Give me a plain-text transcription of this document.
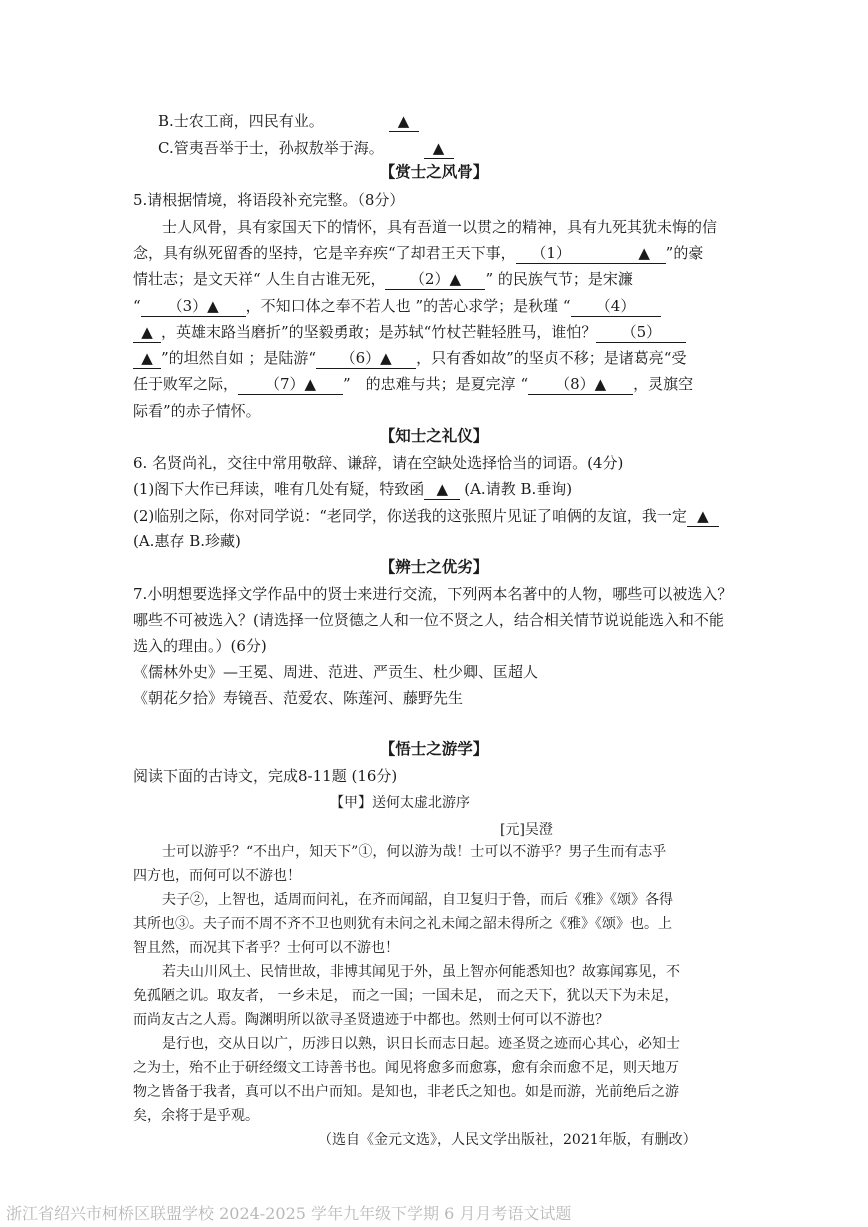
B.士农工商，四民有业。	▲
C.管夷吾举于士，孙叔敖举于海。	▲
【赏士之风骨】
5.请根据情境，将语段补充完整。（8分）
士人风骨，具有家国天下的情怀，具有吾道一以贯之的精神，具有九死其犹未悔的信
念，具有纵死留香的坚持，它是辛弃疾“了却君王天下事， （1）　　　　　▲ ”的豪
情壮志；是文天祥“ 人生自古谁无死， （2）▲ ” 的民族气节；是宋濂
“ （3）▲ ，不知口体之奉不若人也 ”的苦心求学；是秋瑾 “ （4）
▲ ，英雄末路当磨折”的坚毅勇敢；是苏轼“竹杖芒鞋轻胜马，谁怕？ （5）
▲ ”的坦然自如 ；是陆游“ （6）▲ ，只有香如故”的坚贞不移；是诸葛亮“受
任于败军之际， （7）▲ ”　的忠难与共；是夏完淳 “ （8）▲ ，灵旗空
际看”的赤子情怀。
【知士之礼仪】
6. 名贤尚礼，交往中常用敬辞、谦辞，请在空缺处选择恰当的词语。(4分)
(1)阁下大作已拜读，唯有几处有疑，特致函 ▲ (A.请教 B.垂询)
(2)临别之际，你对同学说：“老同学，你送我的这张照片见证了咱俩的友谊，我一定 ▲
(A.惠存 B.珍藏)
【辨士之优劣】
7.小明想要选择文学作品中的贤士来进行交流，下列两本名著中的人物，哪些可以被选入？
哪些不可被选入？(请选择一位贤德之人和一位不贤之人，结合相关情节说说能选入和不能
选入的理由。）(6分)
《儒林外史》—王冕、周进、范进、严贡生、杜少卿、匡超人
《朝花夕拾》寿镜吾、范爱农、陈莲河、藤野先生
【悟士之游学】
阅读下面的古诗文，完成8-11题 (16分)
【甲】送何太虚北游序
[元]吴澄
士可以游乎？“不出户，知天下”①，何以游为哉！士可以不游乎？男子生而有志乎
四方也，而何可以不游也！
夫子②，上智也，适周而问礼，在齐而闻韶，自卫复归于鲁，而后《雅》《颂》各得
其所也③。夫子而不周不齐不卫也则犹有未问之礼未闻之韶未得所之《雅》《颂》也。上
智且然，而况其下者乎？士何可以不游也！
若夫山川风土、民情世故，非博其闻见于外，虽上智亦何能悉知也？故寡闻寡见，不
免孤陋之讥。取友者， 一乡未足， 而之一国；一国未足， 而之天下，犹以天下为未足，
而尚友古之人焉。陶渊明所以欲寻圣贤遗迹于中都也。然则士何可以不游也？
是行也，交从日以广，历涉日以熟，识日长而志日起。迹圣贤之迹而心其心，必知士
之为士，殆不止于研经缀文工诗善书也。闻见将愈多而愈寡，愈有余而愈不足，则天地万
物之皆备于我者，真可以不出户而知。是知也，非老氏之知也。如是而游，光前绝后之游
矣，余将于是乎观。
（选自《金元文选》，人民文学出版社，2021年版，有删改）
浙江省绍兴市柯桥区联盟学校 2024-2025 学年九年级下学期 6 月月考语文试题
